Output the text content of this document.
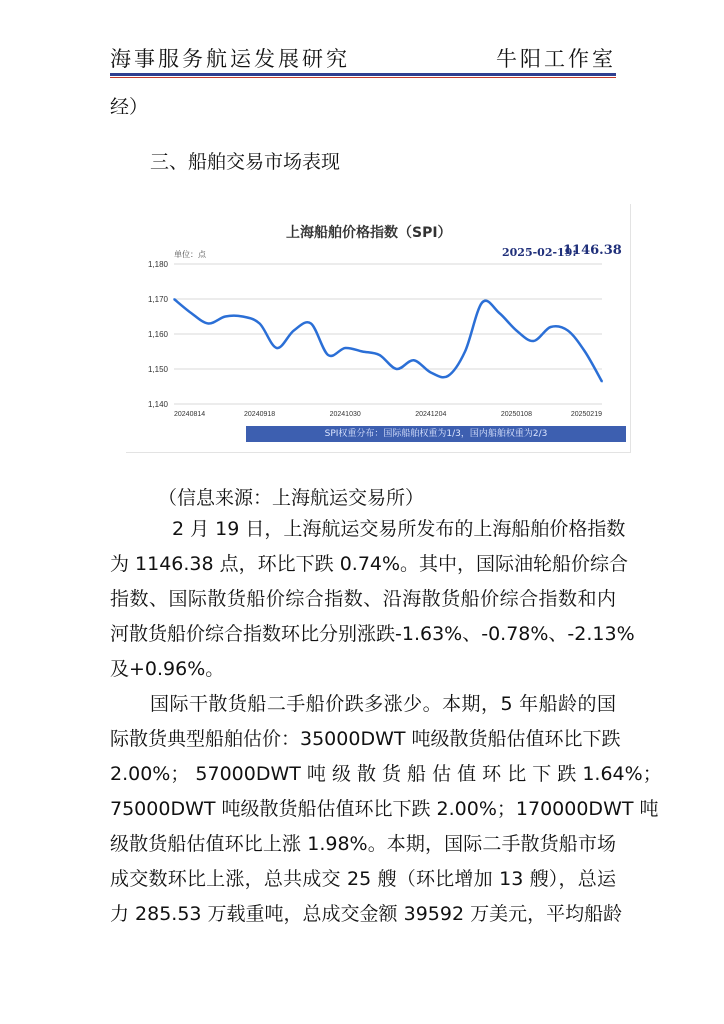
海事服务航运发展研究	牛阳工作室
经）
三、船舶交易市场表现
上海船舶价格指数（SPI）
2025-02-19:
1146.38
单位：点
1,180
1,170
1,160
1,150
1,140
20240814	20240918	20241030	20241204	20250108	20250219
SPI权重分布：国际船舶权重为1/3，国内船舶权重为2/3
（信息来源：上海航运交易所）
2 月 19 日，上海航运交易所发布的上海船舶价格指数
为 1146.38 点，环比下跌 0.74%。其中，国际油轮船价综合
指数、国际散货船价综合指数、沿海散货船价综合指数和内
河散货船价综合指数环比分别涨跌-1.63%、-0.78%、-2.13%
及+0.96%。
国际干散货船二手船价跌多涨少。本期，5 年船龄的国
际散货典型船舶估价：35000DWT 吨级散货船估值环比下跌
2.00%； 57000DWT 吨 级 散 货 船 估 值 环 比 下 跌 1.64%；
75000DWT 吨级散货船估值环比下跌 2.00%；170000DWT 吨
级散货船估值环比上涨 1.98%。本期，国际二手散货船市场
成交数环比上涨，总共成交 25 艘（环比增加 13 艘），总运
力 285.53 万载重吨，总成交金额 39592 万美元，平均船龄
